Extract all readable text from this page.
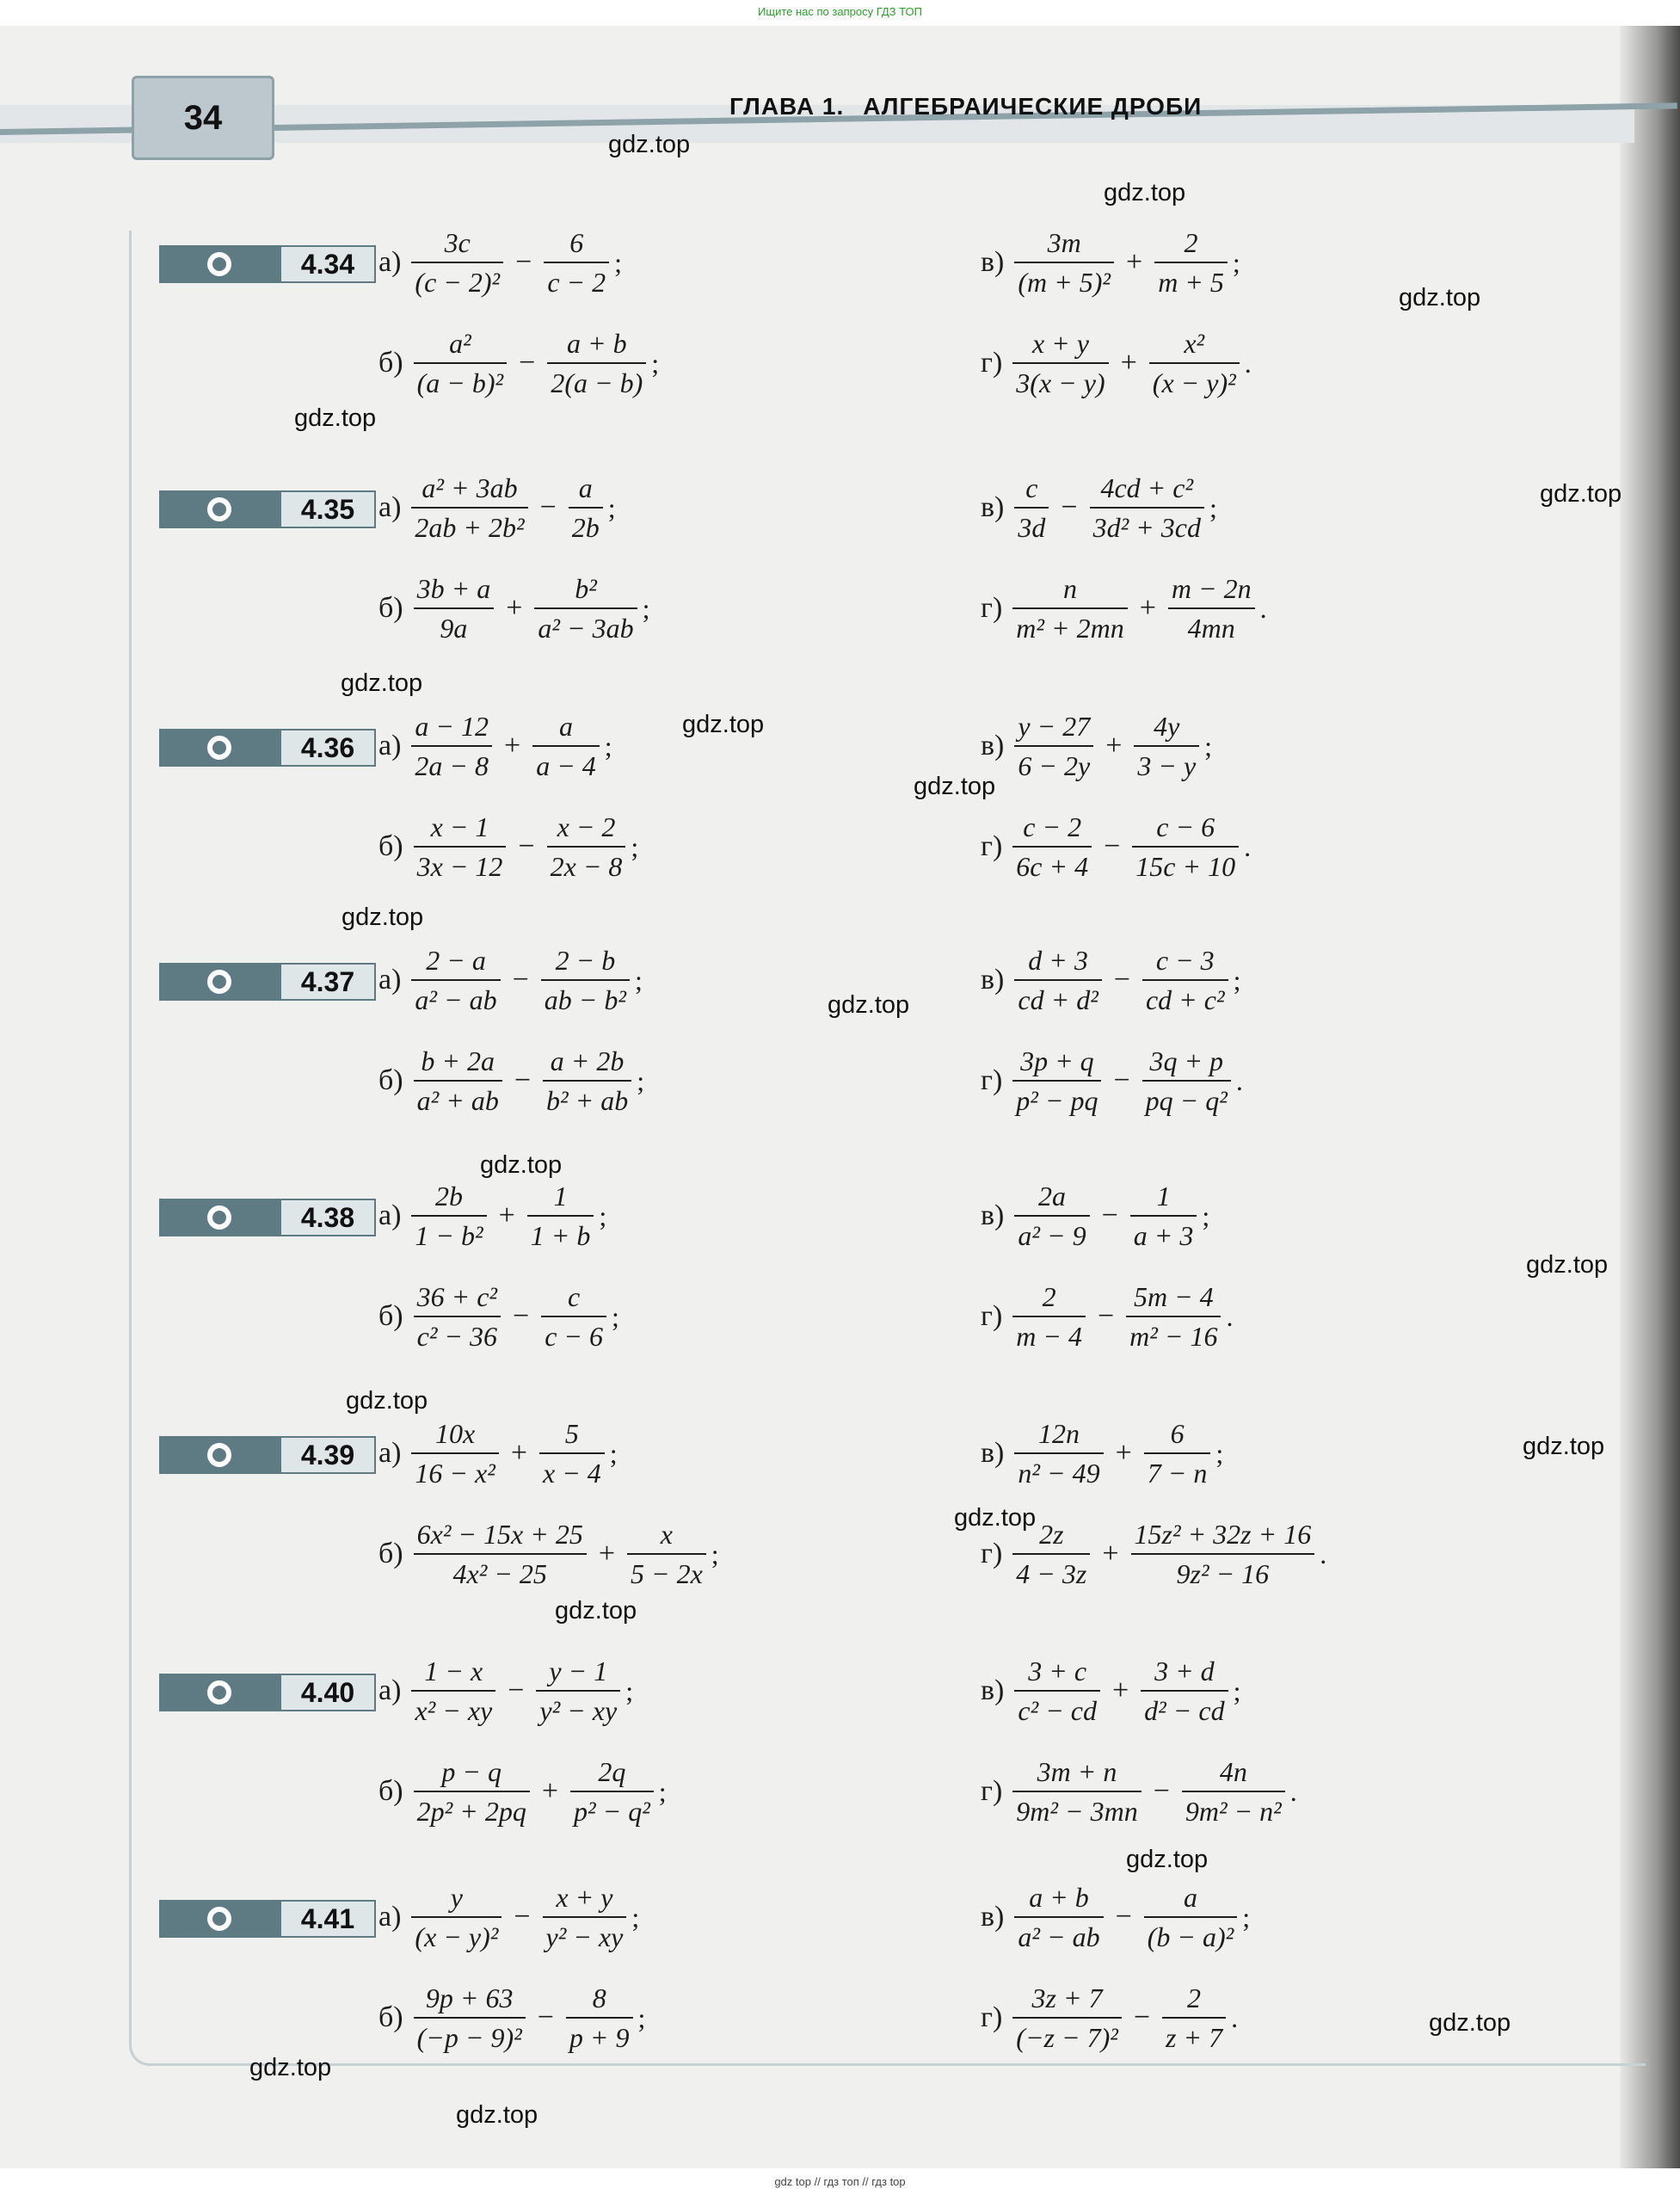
Ищите нас по запросу ГДЗ ТОП
34	ГЛАВА 1. АЛГЕБРАИЧЕСКИЕ ДРОБИ
4.34 $а) \frac{3c}{\text{(c − 2)²}} - \frac{6}{c - 2}$ ;
$б) \frac{\text{a²}}{\text{(a − b)²}} - \frac{a + b}{2(a - b)}$ ;
$в) \frac{3m}{\text{(m + 5)²}} + \frac{2}{m + 5}$ ;
$г) \frac{x + y}{3(x - y)} + \frac{\text{x²}}{\text{(x − y)²}}$ .
4.35 $а) \frac{\text{a² + 3ab}}{\text{2ab + 2b²}} - \frac{a}{2b}$ ;
$б) \frac{3b + a}{9a} + \frac{\text{b²}}{\text{a² − 3ab}}$ ;
$в) \frac{c}{3d} - \frac{\text{4cd + c²}}{\text{3d² + 3cd}}$ ;
$г) \frac{n}{\text{m² + 2mn}} + \frac{m - 2n}{4mn}$ .
4.36 $а) \frac{a - 12}{2a - 8} + \frac{a}{a - 4}$ ;
$б) \frac{x - 1}{3x - 12} - \frac{x - 2}{2x - 8}$ ;
$в) \frac{y - 27}{6 - 2y} + \frac{4y}{3 - y}$ ;
$г) \frac{c - 2}{6c + 4} - \frac{c - 6}{15c + 10}$ .
4.37 $а) \frac{2 - a}{\text{a² − ab}} - \frac{2 - b}{\text{ab − b²}}$ ;
$б) \frac{b + 2a}{\text{a² + ab}} - \frac{a + 2b}{\text{b² + ab}}$ ;
$в) \frac{d + 3}{\text{cd + d²}} - \frac{c - 3}{\text{cd + c²}}$ ;
$г) \frac{3p + q}{\text{p² − pq}} - \frac{3q + p}{\text{pq − q²}}$ .
4.38 $а) \frac{2b}{\text{1 − b²}} + \frac{1}{1 + b}$ ;
$б) \frac{\text{36 + c²}}{\text{c² − 36}} - \frac{c}{c - 6}$ ;
$в) \frac{2a}{\text{a² − 9}} - \frac{1}{a + 3}$ ;
$г) \frac{2}{m - 4} - \frac{5m - 4}{\text{m² − 16}}$ .
4.39 $а) \frac{10x}{\text{16 − x²}} + \frac{5}{x - 4}$ ;
$б) \frac{\text{6x² − 15x + 25}}{\text{4x² − 25}} + \frac{x}{5 - 2x}$ ;
$в) \frac{12n}{\text{n² − 49}} + \frac{6}{7 - n}$ ;
$г) \frac{2z}{4 - 3z} + \frac{\text{15z² + 32z + 16}}{\text{9z² − 16}}$ .
4.40 $а) \frac{1 - x}{\text{x² − xy}} - \frac{y - 1}{\text{y² − xy}}$ ;
$б) \frac{p - q}{\text{2p² + 2pq}} + \frac{2q}{\text{p² − q²}}$ ;
$в) \frac{3 + c}{\text{c² − cd}} + \frac{3 + d}{\text{d² − cd}}$ ;
$г) \frac{3m + n}{\text{9m² − 3mn}} - \frac{4n}{\text{9m² − n²}}$ .
4.41 $а) \frac{y}{\text{(x − y)²}} - \frac{x + y}{\text{y² − xy}}$ ;
$б) \frac{9p + 63}{\text{(−p − 9)²}} - \frac{8}{p + 9}$ ;
$в) \frac{a + b}{\text{a² − ab}} - \frac{a}{\text{(b − a)²}}$ ;
$г) \frac{3z + 7}{\text{(−z − 7)²}} - \frac{2}{z + 7}$ .
gdz.top
gdz.top
gdz.top
gdz.top
gdz.top
gdz.top
gdz.top
gdz.top
gdz.top
gdz.top
gdz.top
gdz.top
gdz.top
gdz.top
gdz.top
gdz.top
gdz.top
gdz.top
gdz.top
gdz.top
gdz top // гдз топ // гдз top
